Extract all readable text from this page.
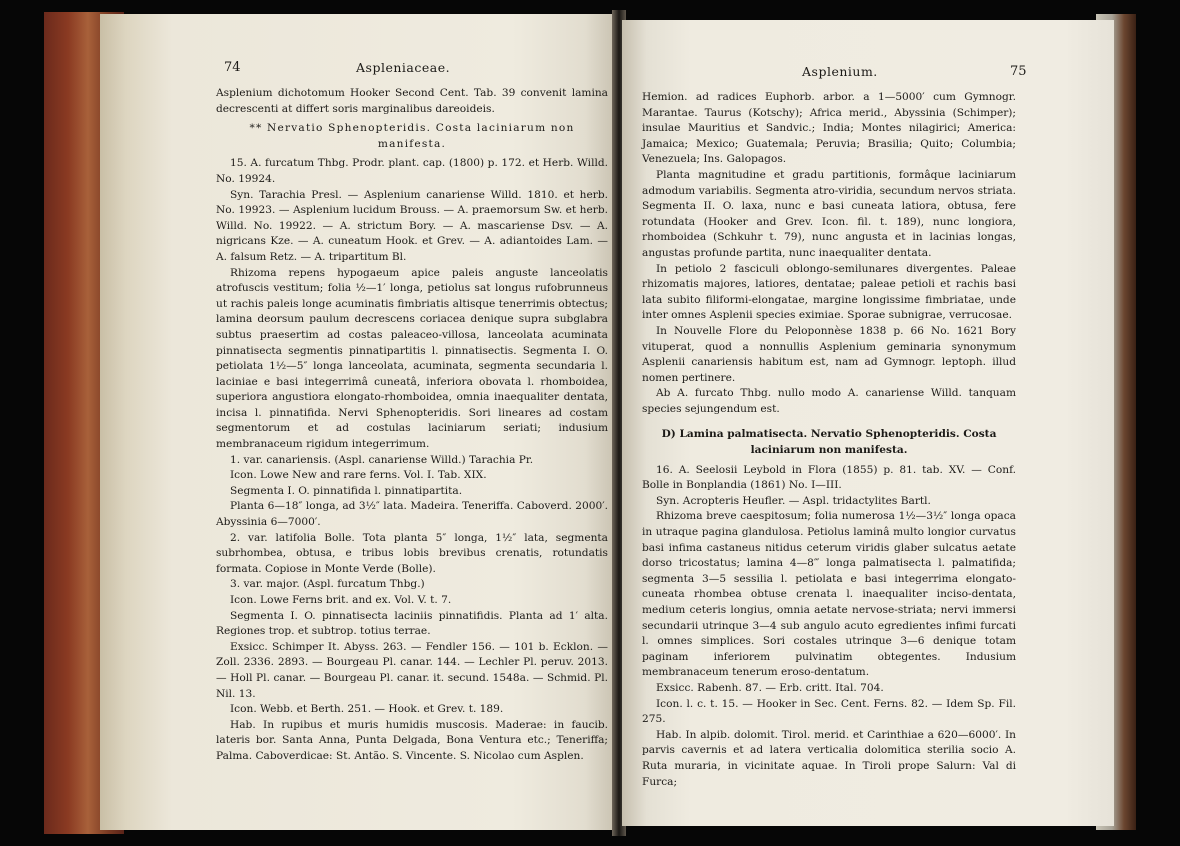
74	Aspleniaceae.

Asplenium dichotomum Hooker Second Cent. Tab. 39 convenit lamina decrescenti at differt soris marginalibus dareoideis.

** Nervatio Sphenopteridis. Costa laciniarum non manifesta.

15. A. furcatum Thbg. Prodr. plant. cap. (1800) p. 172. et Herb. Willd. No. 19924.

Syn. Tarachia Presl. — Asplenium canariense Willd. 1810. et herb. No. 19923. — Asplenium lucidum Brouss. — A. praemorsum Sw. et herb. Willd. No. 19922. — A. strictum Bory. — A. mascariense Dsv. — A. nigricans Kze. — A. cuneatum Hook. et Grev. — A. adiantoides Lam. — A. falsum Retz. — A. tripartitum Bl.

Rhizoma repens hypogaeum apice paleis anguste lanceolatis atrofuscis vestitum; folia ½—1′ longa, petiolus sat longus rufobrunneus ut rachis paleis longe acuminatis fimbriatis altisque tenerrimis obtectus; lamina deorsum paulum decrescens coriacea denique supra subglabra subtus praesertim ad costas paleaceo-villosa, lanceolata acuminata pinnatisecta segmentis pinnatipartitis l. pinnatisectis. Segmenta I. O. petiolata 1½—5″ longa lanceolata, acuminata, segmenta secundaria l. laciniae e basi integerrimâ cuneatâ, inferiora obovata l. rhomboidea, superiora angustiora elongato-rhomboidea, omnia inaequaliter dentata, incisa l. pinnatifida. Nervi Sphenopteridis. Sori lineares ad costam segmentorum et ad costulas laciniarum seriati; indusium membranaceum rigidum integerrimum.

1. var. canariensis. (Aspl. canariense Willd.) Tarachia Pr.

Icon. Lowe New and rare ferns. Vol. I. Tab. XIX.

Segmenta I. O. pinnatifida l. pinnatipartita.

Planta 6—18″ longa, ad 3½″ lata. Madeira. Teneriffa. Caboverd. 2000′. Abyssinia 6—7000′.

2. var. latifolia Bolle. Tota planta 5″ longa, 1½″ lata, segmenta subrhombea, obtusa, e tribus lobis brevibus crenatis, rotundatis formata. Copiose in Monte Verde (Bolle).

3. var. major. (Aspl. furcatum Thbg.)

Icon. Lowe Ferns brit. and ex. Vol. V. t. 7.

Segmenta I. O. pinnatisecta laciniis pinnatifidis. Planta ad 1′ alta. Regiones trop. et subtrop. totius terrae.

Exsicc. Schimper It. Abyss. 263. — Fendler 156. — 101 b. Ecklon. — Zoll. 2336. 2893. — Bourgeau Pl. canar. 144. — Lechler Pl. peruv. 2013. — Holl Pl. canar. — Bourgeau Pl. canar. it. secund. 1548a. — Schmid. Pl. Nil. 13.

Icon. Webb. et Berth. 251. — Hook. et Grev. t. 189.

Hab. In rupibus et muris humidis muscosis. Maderae: in faucib. lateris bor. Santa Anna, Punta Delgada, Bona Ventura etc.; Teneriffa; Palma. Caboverdicae: St. Antão. S. Vincente. S. Nicolao cum Asplen.

Asplenium.	75

Hemion. ad radices Euphorb. arbor. a 1—5000′ cum Gymnogr. Marantae. Taurus (Kotschy); Africa merid., Abyssinia (Schimper); insulae Mauritius et Sandvic.; India; Montes nilagirici; America: Jamaica; Mexico; Guatemala; Peruvia; Brasilia; Quito; Columbia; Venezuela; Ins. Galopagos.

Planta magnitudine et gradu partitionis, formâque laciniarum admodum variabilis. Segmenta atro-viridia, secundum nervos striata. Segmenta II. O. laxa, nunc e basi cuneata latiora, obtusa, fere rotundata (Hooker and Grev. Icon. fil. t. 189), nunc longiora, rhomboidea (Schkuhr t. 79), nunc angusta et in lacinias longas, angustas profunde partita, nunc inaequaliter dentata.

In petiolo 2 fasciculi oblongo-semilunares divergentes. Paleae rhizomatis majores, latiores, dentatae; paleae petioli et rachis basi lata subito filiformi-elongatae, margine longissime fimbriatae, unde inter omnes Asplenii species eximiae. Sporae subnigrae, verrucosae.

In Nouvelle Flore du Peloponnèse 1838 p. 66 No. 1621 Bory vituperat, quod a nonnullis Asplenium geminaria synonymum Asplenii canariensis habitum est, nam ad Gymnogr. leptoph. illud nomen pertinere.

Ab A. furcato Thbg. nullo modo A. canariense Willd. tanquam species sejungendum est.

D) Lamina palmatisecta. Nervatio Sphenopteridis. Costa laciniarum non manifesta.

16. A. Seelosii Leybold in Flora (1855) p. 81. tab. XV. — Conf. Bolle in Bonplandia (1861) No. I—III.

Syn. Acropteris Heufler. — Aspl. tridactylites Bartl.

Rhizoma breve caespitosum; folia numerosa 1½—3½″ longa opaca in utraque pagina glandulosa. Petiolus laminâ multo longior curvatus basi infima castaneus nitidus ceterum viridis glaber sulcatus aetate dorso tricostatus; lamina 4—8‴ longa palmatisecta l. palmatifida; segmenta 3—5 sessilia l. petiolata e basi integerrima elongato-cuneata rhombea obtuse crenata l. inaequaliter inciso-dentata, medium ceteris longius, omnia aetate nervose-striata; nervi immersi secundarii utrinque 3—4 sub angulo acuto egredientes infimi furcati l. omnes simplices. Sori costales utrinque 3—6 denique totam paginam inferiorem pulvinatim obtegentes. Indusium membranaceum tenerum eroso-dentatum.

Exsicc. Rabenh. 87. — Erb. critt. Ital. 704.

Icon. l. c. t. 15. — Hooker in Sec. Cent. Ferns. 82. — Idem Sp. Fil. 275.

Hab. In alpib. dolomit. Tirol. merid. et Carinthiae a 620—6000′. In parvis cavernis et ad latera verticalia dolomitica sterilia socio A. Ruta muraria, in vicinitate aquae. In Tiroli prope Salurn: Val di Furca;
